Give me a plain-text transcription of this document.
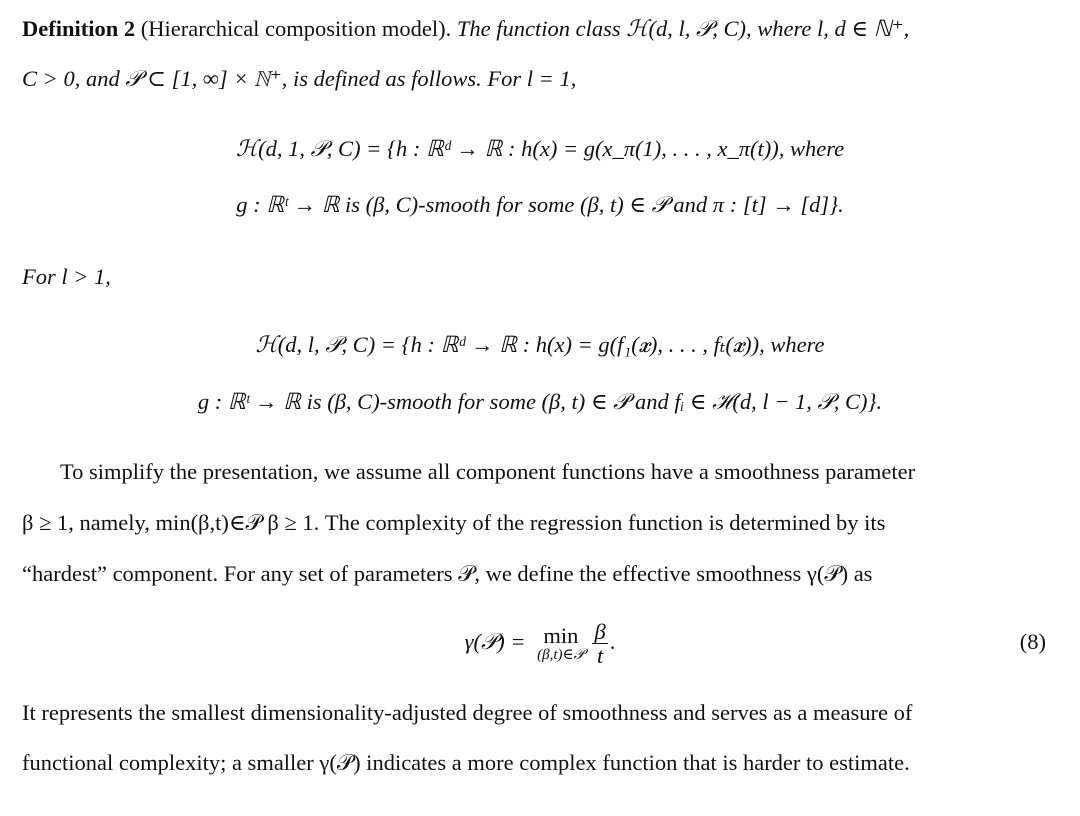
Definition 2 (Hierarchical composition model). The function class ℋ(d, l, 𝒫, C), where l, d ∈ ℕ⁺,
C > 0, and 𝒫 ⊂ [1, ∞] × ℕ⁺, is defined as follows. For l = 1,
ℋ(d, 1, 𝒫, C) = {h : ℝᵈ → ℝ : h(x) = g(x_π(1), . . . , x_π(t)), where
g : ℝᵗ → ℝ is (β, C)-smooth for some (β, t) ∈ 𝒫 and π : [t] → [d]}.
For l > 1,
ℋ(d, l, 𝒫, C) = {h : ℝᵈ → ℝ : h(x) = g(f₁(𝒙), . . . , fₜ(𝒙)), where
g : ℝᵗ → ℝ is (β, C)-smooth for some (β, t) ∈ 𝒫 and fᵢ ∈ ℋ(d, l − 1, 𝒫, C)}.
To simplify the presentation, we assume all component functions have a smoothness parameter
β ≥ 1, namely, min(β,t)∈𝒫 β ≥ 1. The complexity of the regression function is determined by its
“hardest” component. For any set of parameters 𝒫, we define the effective smoothness γ(𝒫) as
γ(𝒫) = min
(β,t)∈𝒫 $\frac{\beta}{t}$ .	(8)
It represents the smallest dimensionality-adjusted degree of smoothness and serves as a measure of
functional complexity; a smaller γ(𝒫) indicates a more complex function that is harder to estimate.
